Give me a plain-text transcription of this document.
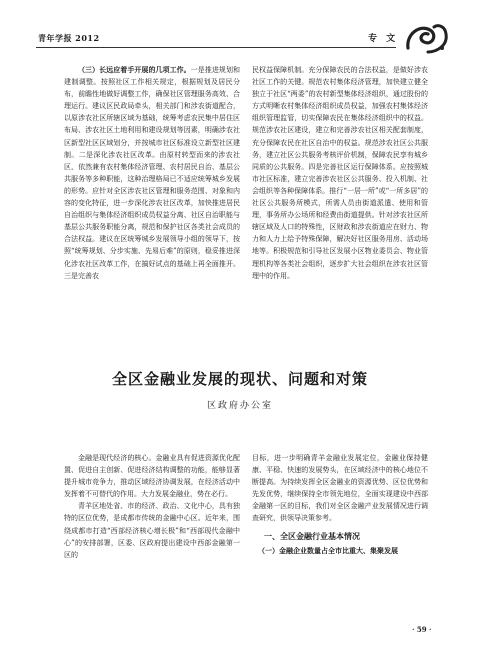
青年学报 2012	专 文

（三）长远应着手开展的几项工作。一是推进规划和建制调整。按照社区工作相关规定，根据规划及居民分布，前瞻性地做好调整工作，确保社区管理服务高效、合理运行。建议区民政局牵头，相关部门和涉农街道配合，以原涉农社区所辖区域为基础，统筹考虑农民集中居住区布局、涉农社区土地利用和建设规划等因素，明确涉农社区新型社区区域划分，并按城市社区标准设立新型社区建制。二是深化涉农社区改革。由原村转型而来的涉农社区，依然兼有农村集体经济管理、农村居民自治、基层公共服务等多种职能，这种治理格局已不适应统筹城乡发展的形势。应针对全区涉农社区管理和服务范围、对象和内容的变化特征，进一步深化涉农社区改革，加快推进居民自治组织与集体经济组织成员权益分离、社区自治职能与基层公共服务职能分离，规范和保护社区各类社会成员的合法权益。建议在区统筹城乡发展领导小组的领导下，按照“统筹规划、分步实施、先易后难”的原则，稳妥推进深化涉农社区改革工作，在搞好试点的基础上再全面推开。三是完善农

民权益保障机制。充分保障农民的合法权益，是做好涉农社区工作的关键。规范农村集体经济管理，加快建立健全独立于社区“两委”的农村新型集体经济组织，通过股份的方式明晰农村集体经济组织成员权益，加强农村集体经济组织管理监管，切实保障农民在集体经济组织中的权益。规范涉农社区建设，建立和完善涉农社区相关配套制度，充分保障农民在社区自治中的权益。规范涉农社区公共服务，建立社区公共服务考核评价机制，保障农民享有城乡同质的公共服务。四是完善社区运行保障体系。应按照城市社区标准，建立完善涉农社区公共服务、投入机制、社会组织等各种保障体系。推行“一居一所”或“一所多居”的社区公共服务所模式，所需人员由街道派遣、使用和管理，事务所办公场所和经费由街道提供。针对涉农社区所辖区域及人口的特殊性，区财政和涉农街道应在财力、物力和人力上给予特殊保障，解决好社区服务用房、活动场地等。积极规范和引导社区发展小区物业委员会、物业管理机构等各类社会组织，逐步扩大社会组织在涉农社区管理中的作用。

全区金融业发展的现状、问题和对策
区政府办公室

金融是现代经济的核心。金融业具有促进资源优化配置、促进自主创新、促进经济结构调整的功能，能够显著提升城市竞争力，推动区域经济协调发展，在经济活动中发挥着不可替代的作用。大力发展金融业，势在必行。

青羊区地处省、市的经济、政治、文化中心，具有独特的区位优势，是成都市传统的金融中心区。近年来，围绕成都市打造“西部经济核心增长极”和“西部现代金融中心”的安排部署，区委、区政府提出建设中西部金融第一区的

目标，进一步明确青羊金融业发展定位，金融业保持健康、平稳、快速的发展势头，在区域经济中的核心地位不断提高。为持续发挥全区金融业的资源优势、区位优势和先发优势，继续保持全市领先地位，全面实现建设中西部金融第一区的目标，我们对全区金融产业发展情况进行调查研究，供领导决策参考。

一、全区金融行业基本情况

（一）金融企业数量占全市比重大、集聚发展

· 59 ·
